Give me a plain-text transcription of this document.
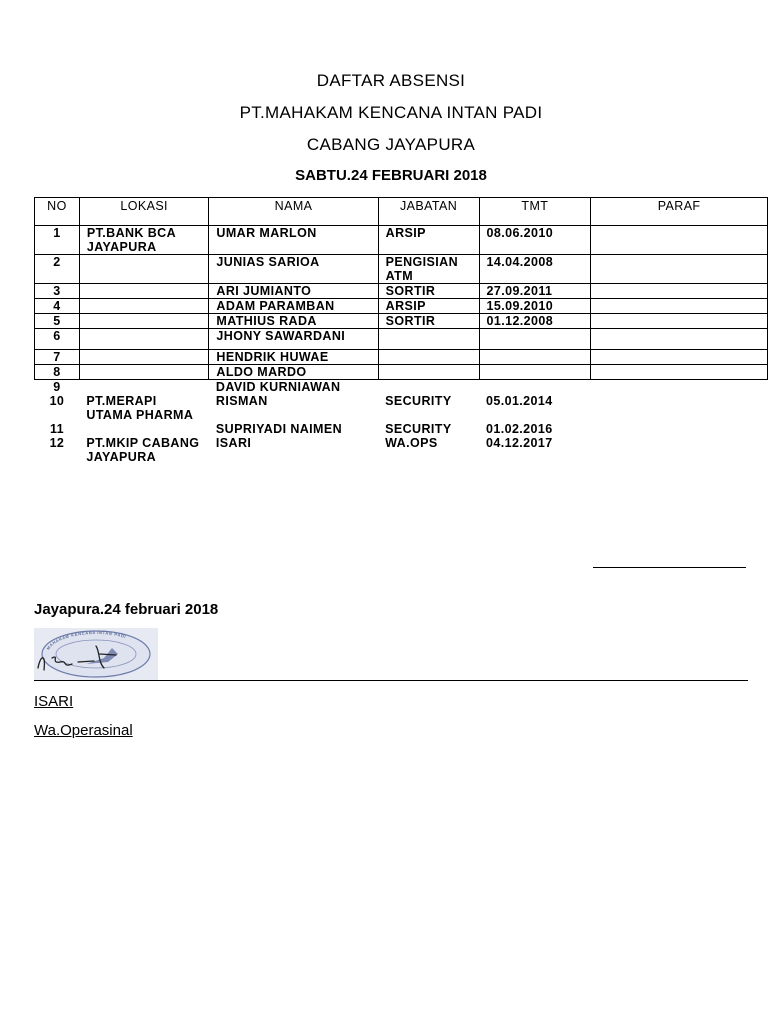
DAFTAR ABSENSI
PT.MAHAKAM KENCANA INTAN PADI
CABANG JAYAPURA
SABTU.24 FEBRUARI 2018
NO	LOKASI	NAMA	JABATAN	TMT	PARAF
1	PT.BANK BCA JAYAPURA	UMAR MARLON	ARSIP	08.06.2010	
2		JUNIAS SARIOA	PENGISIAN ATM	14.04.2008	
3		ARI JUMIANTO	SORTIR	27.09.2011	
4		ADAM PARAMBAN	ARSIP	15.09.2010	
5		MATHIUS RADA	SORTIR	01.12.2008	
6		JHONY SAWARDANI			
7		HENDRIK HUWAE			
8		ALDO MARDO			
9		DAVID KURNIAWAN			
10	PT.MERAPI UTAMA PHARMA	RISMAN	SECURITY	05.01.2014	
11		SUPRIYADI NAIMEN	SECURITY	01.02.2016	
12	PT.MKIP CABANG JAYAPURA	ISARI	WA.OPS	04.12.2017	
Jayapura.24 februari 2018
MAHAKAM KENCANA INTAN PADI
ISARI
Wa.Operasinal
